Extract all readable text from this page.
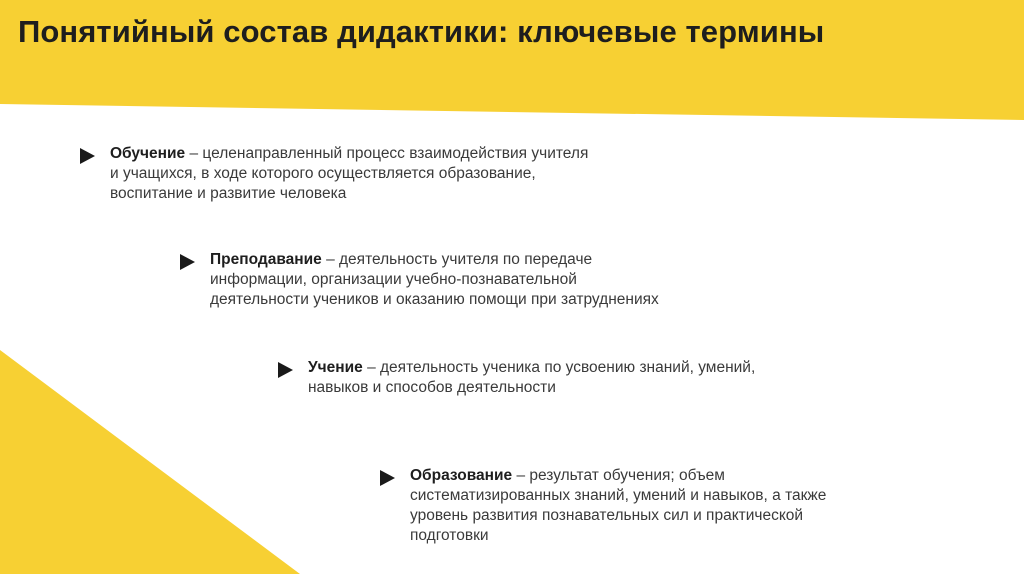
Понятийный состав дидактики: ключевые термины
Обучение – целенаправленный процесс взаимодействия учителя и учащихся, в ходе которого осуществляется образование, воспитание и развитие человека
Преподавание – деятельность учителя по передаче информации, организации учебно-познавательной деятельности учеников и оказанию помощи при затруднениях
Учение – деятельность ученика по усвоению знаний, умений, навыков и способов деятельности
Образование – результат обучения; объем систематизированных знаний, умений и навыков, а также уровень развития познавательных сил и практической подготовки
